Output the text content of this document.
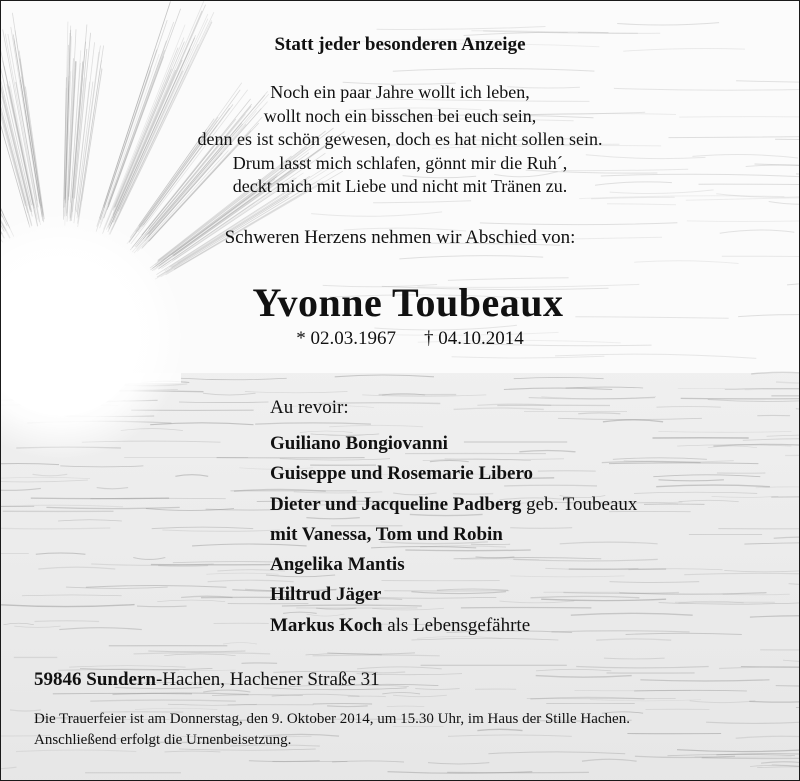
Statt jeder besonderen Anzeige
Noch ein paar Jahre wollt ich leben,
wollt noch ein bisschen bei euch sein,
denn es ist schön gewesen, doch es hat nicht sollen sein.
Drum lasst mich schlafen, gönnt mir die Ruh´,
deckt mich mit Liebe und nicht mit Tränen zu.
Schweren Herzens nehmen wir Abschied von:
Yvonne Toubeaux
* 02.03.1967 † 04.10.2014
Au revoir:
Guiliano Bongiovanni
Guiseppe und Rosemarie Libero
Dieter und Jacqueline Padberg geb. Toubeaux
mit Vanessa, Tom und Robin
Angelika Mantis
Hiltrud Jäger
Markus Koch als Lebensgefährte
59846 Sundern-Hachen, Hachener Straße 31
Die Trauerfeier ist am Donnerstag, den 9. Oktober 2014, um 15.30 Uhr, im Haus der Stille Hachen.
Anschließend erfolgt die Urnenbeisetzung.
